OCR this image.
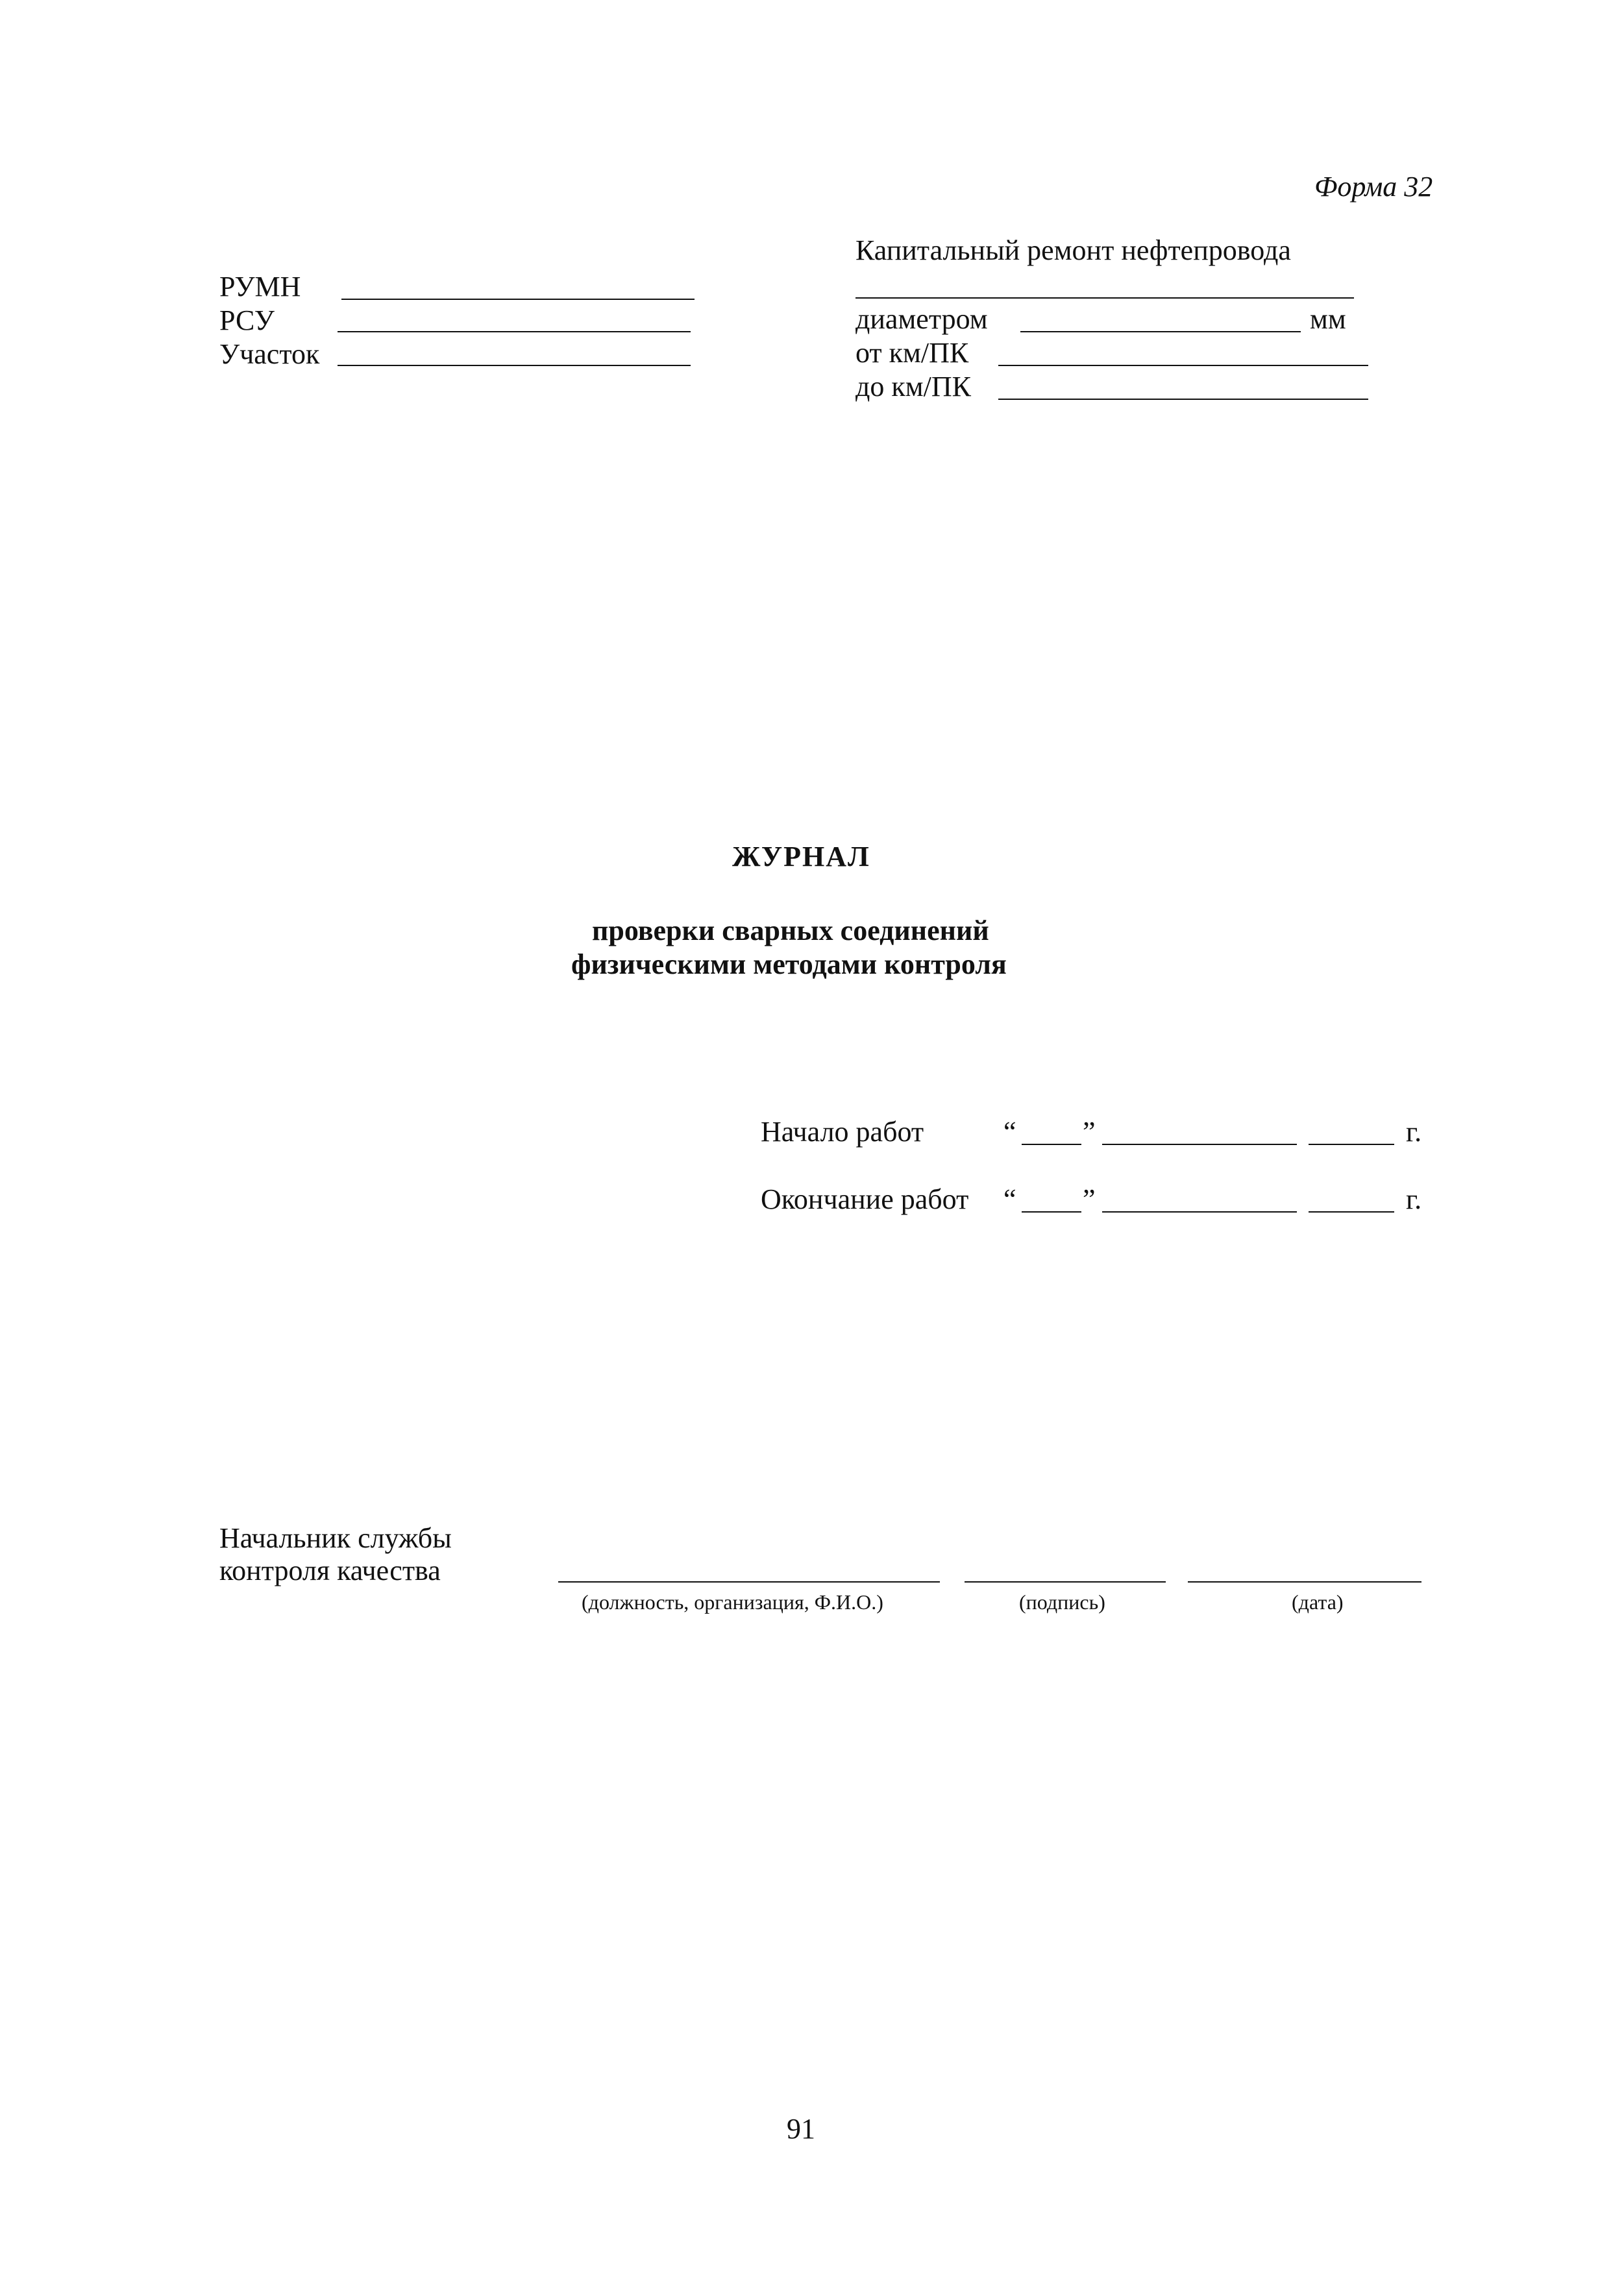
Форма 32
Капитальный ремонт нефтепровода
РУМН
РСУ
Участок
диаметром	мм
от км/ПК
до км/ПК
ЖУРНАЛ
проверки сварных соединений
физическими методами контроля
Начало работ	“ ”	г.
Окончание работ “ ”	г.
Начальник службы
контроля качества
(должность, организация, Ф.И.О.)	(подпись)	(дата)
91
